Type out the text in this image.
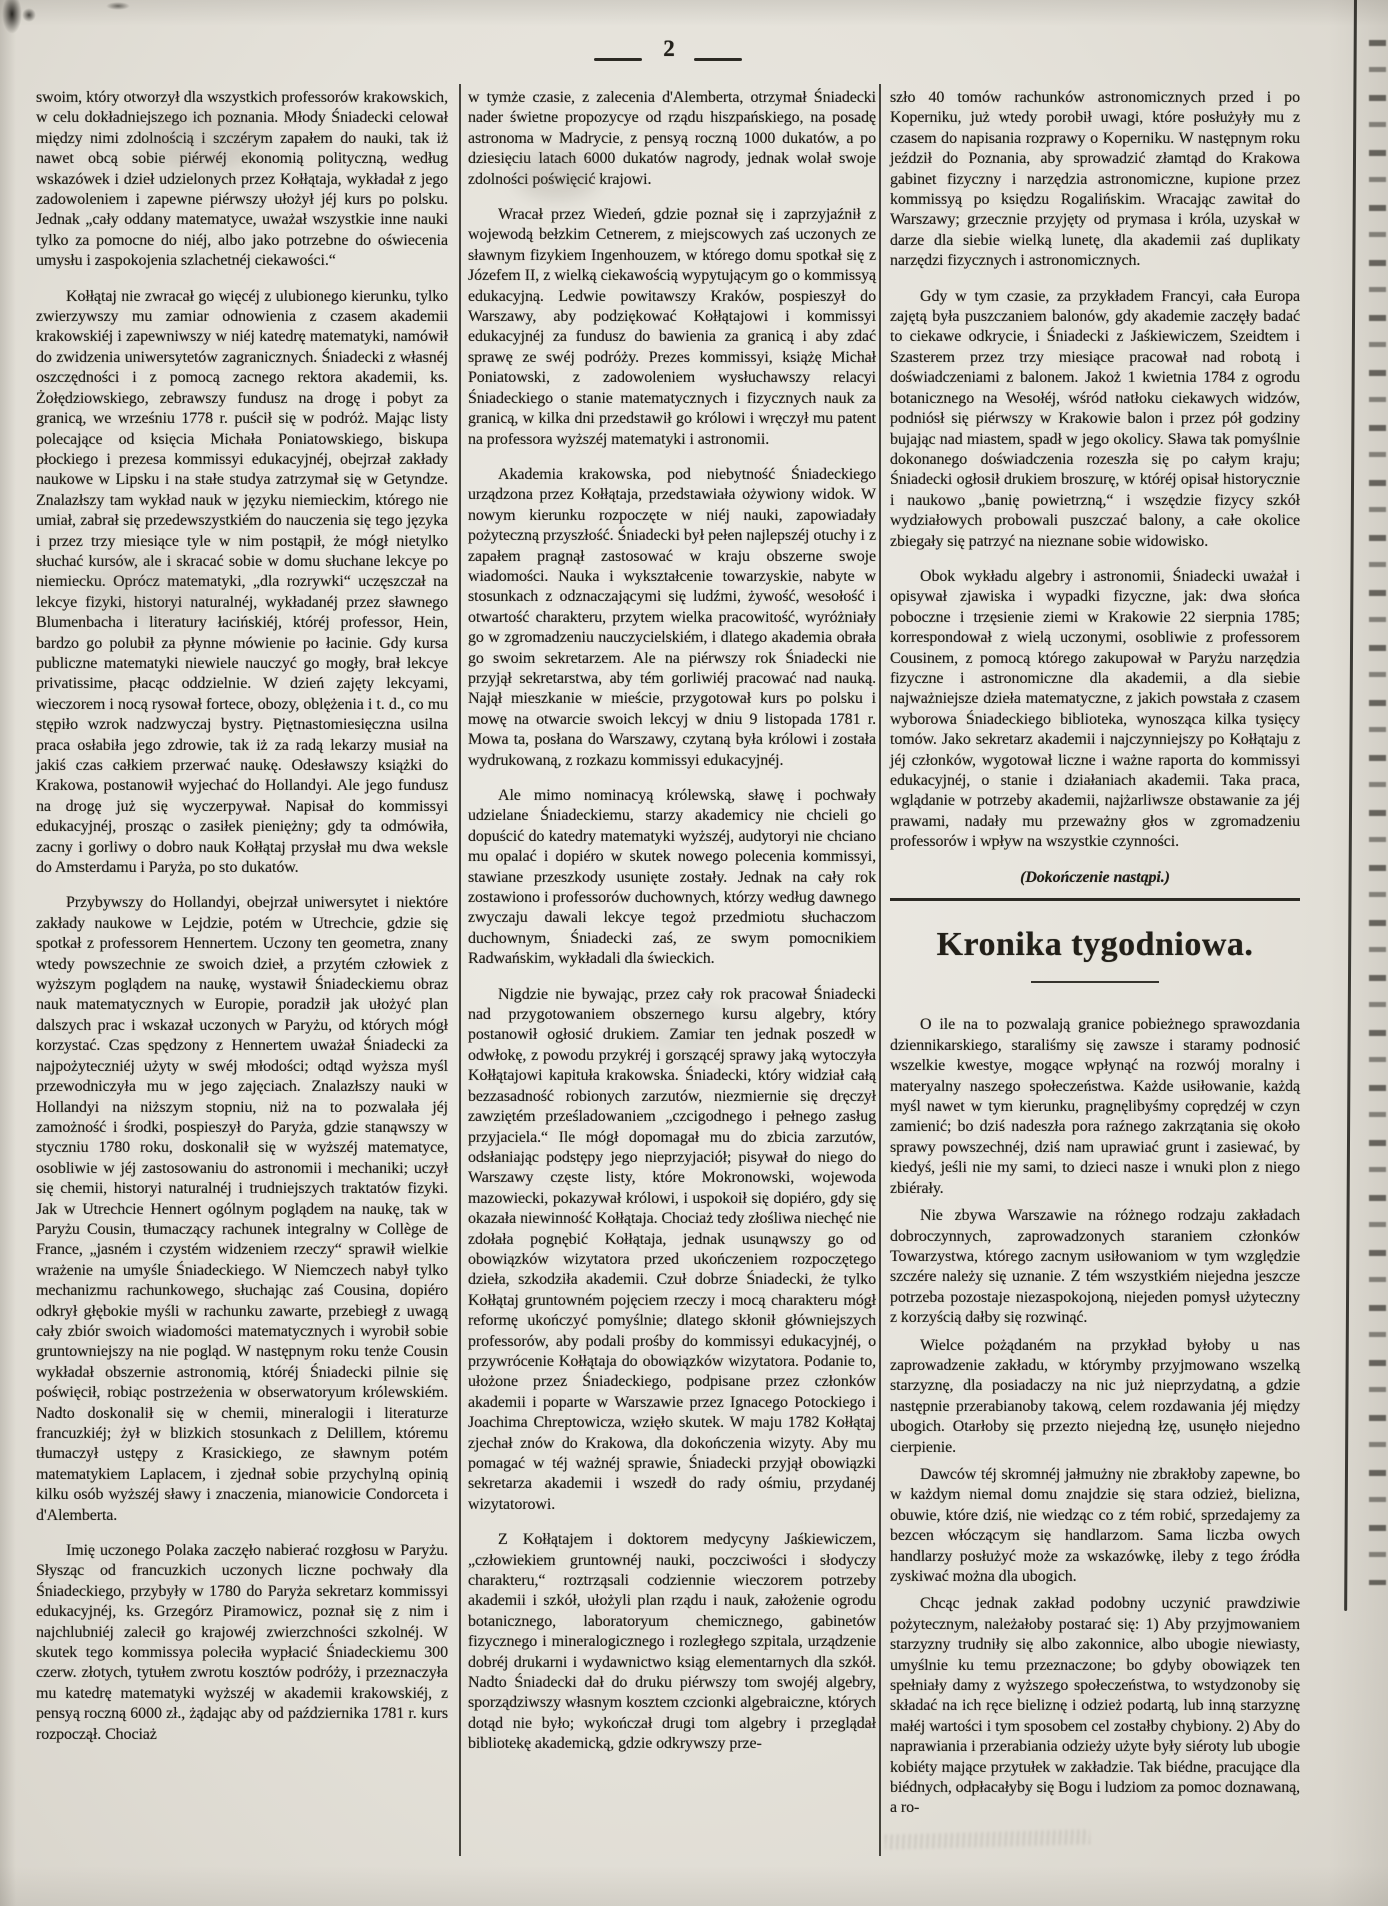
2

swoim, który otworzył dla wszystkich professorów krakowskich, w celu dokładniejszego ich poznania. Młody Śniadecki celował między nimi zdolnością i szczérym zapałem do nauki, tak iż nawet obcą sobie piérwéj ekonomią polityczną, według wskazówek i dzieł udzielonych przez Kołłątaja, wykładał z jego zadowoleniem i zapewne piérwszy ułożył jéj kurs po polsku. Jednak „cały oddany matematyce, uważał wszystkie inne nauki tylko za pomocne do niéj, albo jako potrzebne do oświecenia umysłu i zaspokojenia szlachetnéj ciekawości.“

Kołłątaj nie zwracał go więcéj z ulubionego kierunku, tylko zwierzywszy mu zamiar odnowienia z czasem akademii krakowskiéj i zapewniwszy w niéj katedrę matematyki, namówił do zwidzenia uniwersytetów zagranicznych. Śniadecki z własnéj oszczędności i z pomocą zacnego rektora akademii, ks. Żołędziowskiego, zebrawszy fundusz na drogę i pobyt za granicą, we wrześniu 1778 r. puścił się w podróż. Mając listy polecające od księcia Michała Poniatowskiego, biskupa płockiego i prezesa kommissyi edukacyjnéj, obejrzał zakłady naukowe w Lipsku i na stałe studya zatrzymał się w Getyndze. Znalazłszy tam wykład nauk w języku niemieckim, którego nie umiał, zabrał się przedewszystkiém do nauczenia się tego języka i przez trzy miesiące tyle w nim postąpił, że mógł nietylko słuchać kursów, ale i skracać sobie w domu słuchane lekcye po niemiecku. Oprócz matematyki, „dla rozrywki“ uczęszczał na lekcye fizyki, historyi naturalnéj, wykładanéj przez sławnego Blumenbacha i literatury łacińskiéj, któréj professor, Hein, bardzo go polubił za płynne mówienie po łacinie. Gdy kursa publiczne matematyki niewiele nauczyć go mogły, brał lekcye privatissime, płacąc oddzielnie. W dzień zajęty lekcyami, wieczorem i nocą rysował fortece, obozy, oblężenia i t. d., co mu stępiło wzrok nadzwyczaj bystry. Piętnastomiesięczna usilna praca osłabiła jego zdrowie, tak iż za radą lekarzy musiał na jakiś czas całkiem przerwać naukę. Odesławszy książki do Krakowa, postanowił wyjechać do Hollandyi. Ale jego fundusz na drogę już się wyczerpywał. Napisał do kommissyi edukacyjnéj, prosząc o zasiłek pieniężny; gdy ta odmówiła, zacny i gorliwy o dobro nauk Kołłątaj przysłał mu dwa weksle do Amsterdamu i Paryża, po sto dukatów.

Przybywszy do Hollandyi, obejrzał uniwersytet i niektóre zakłady naukowe w Lejdzie, potém w Utrechcie, gdzie się spotkał z professorem Hennertem. Uczony ten geometra, znany wtedy powszechnie ze swoich dzieł, a przytém człowiek z wyższym poglądem na naukę, wystawił Śniadeckiemu obraz nauk matematycznych w Europie, poradził jak ułożyć plan dalszych prac i wskazał uczonych w Paryżu, od których mógł korzystać. Czas spędzony z Hennertem uważał Śniadecki za najpożyteczniéj użyty w swéj młodości; odtąd wyższa myśl przewodniczyła mu w jego zajęciach. Znalazłszy nauki w Hollandyi na niższym stopniu, niż na to pozwalała jéj zamożność i środki, pospieszył do Paryża, gdzie stanąwszy w styczniu 1780 roku, doskonalił się w wyższéj matematyce, osobliwie w jéj zastosowaniu do astronomii i mechaniki; uczył się chemii, historyi naturalnéj i trudniejszych traktatów fizyki. Jak w Utrechcie Hennert ogólnym poglądem na naukę, tak w Paryżu Cousin, tłumaczący rachunek integralny w Collège de France, „jasném i czystém widzeniem rzeczy“ sprawił wielkie wrażenie na umyśle Śniadeckiego. W Niemczech nabył tylko mechanizmu rachunkowego, słuchając zaś Cousina, dopiéro odkrył głębokie myśli w rachunku zawarte, przebiegł z uwagą cały zbiór swoich wiadomości matematycznych i wyrobił sobie gruntowniejszy na nie pogląd. W następnym roku tenże Cousin wykładał obszernie astronomią, któréj Śniadecki pilnie się poświęcił, robiąc postrzeżenia w obserwatoryum królewskiém. Nadto doskonalił się w chemii, mineralogii i literaturze francuzkiéj; żył w blizkich stosunkach z Delillem, któremu tłumaczył ustępy z Krasickiego, ze sławnym potém matematykiem Laplacem, i zjednał sobie przychylną opinią kilku osób wyższéj sławy i znaczenia, mianowicie Condorceta i d'Alemberta.

Imię uczonego Polaka zaczęło nabierać rozgłosu w Paryżu. Słysząc od francuzkich uczonych liczne pochwały dla Śniadeckiego, przybyły w 1780 do Paryża sekretarz kommissyi edukacyjnéj, ks. Grzegórz Piramowicz, poznał się z nim i najchlubniéj zalecił go krajowéj zwierzchności szkolnéj. W skutek tego kommissya poleciła wypłacić Śniadeckiemu 300 czerw. złotych, tytułem zwrotu kosztów podróży, i przeznaczyła mu katedrę matematyki wyższéj w akademii krakowskiéj, z pensyą roczną 6000 zł., żądając aby od października 1781 r. kurs rozpoczął. Chociaż

w tymże czasie, z zalecenia d'Alemberta, otrzymał Śniadecki nader świetne propozycye od rządu hiszpańskiego, na posadę astronoma w Madrycie, z pensyą roczną 1000 dukatów, a po dziesięciu latach 6000 dukatów nagrody, jednak wolał swoje zdolności poświęcić krajowi.

Wracał przez Wiedeń, gdzie poznał się i zaprzyjaźnił z wojewodą bełzkim Cetnerem, z miejscowych zaś uczonych ze sławnym fizykiem Ingenhouzem, w którego domu spotkał się z Józefem II, z wielką ciekawością wypytującym go o kommissyą edukacyjną. Ledwie powitawszy Kraków, pospieszył do Warszawy, aby podziękować Kołłątajowi i kommissyi edukacyjnéj za fundusz do bawienia za granicą i aby zdać sprawę ze swéj podróży. Prezes kommissyi, książę Michał Poniatowski, z zadowoleniem wysłuchawszy relacyi Śniadeckiego o stanie matematycznych i fizycznych nauk za granicą, w kilka dni przedstawił go królowi i wręczył mu patent na professora wyższéj matematyki i astronomii.

Akademia krakowska, pod niebytność Śniadeckiego urządzona przez Kołłątaja, przedstawiała ożywiony widok. W nowym kierunku rozpoczęte w niéj nauki, zapowiadały pożyteczną przyszłość. Śniadecki był pełen najlepszéj otuchy i z zapałem pragnął zastosować w kraju obszerne swoje wiadomości. Nauka i wykształcenie towarzyskie, nabyte w stosunkach z odznaczającymi się ludźmi, żywość, wesołość i otwartość charakteru, przytem wielka pracowitość, wyróżniały go w zgromadzeniu nauczycielskiém, i dlatego akademia obrała go swoim sekretarzem. Ale na piérwszy rok Śniadecki nie przyjął sekretarstwa, aby tém gorliwiéj pracować nad nauką. Najął mieszkanie w mieście, przygotował kurs po polsku i mowę na otwarcie swoich lekcyj w dniu 9 listopada 1781 r. Mowa ta, posłana do Warszawy, czytaną była królowi i została wydrukowaną, z rozkazu kommissyi edukacyjnéj.

Ale mimo nominacyą królewską, sławę i pochwały udzielane Śniadeckiemu, starzy akademicy nie chcieli go dopuścić do katedry matematyki wyższéj, audytoryi nie chciano mu opalać i dopiéro w skutek nowego polecenia kommissyi, stawiane przeszkody usunięte zostały. Jednak na cały rok zostawiono i professorów duchownych, którzy według dawnego zwyczaju dawali lekcye tegoż przedmiotu słuchaczom duchownym, Śniadecki zaś, ze swym pomocnikiem Radwańskim, wykładali dla świeckich.

Nigdzie nie bywając, przez cały rok pracował Śniadecki nad przygotowaniem obszernego kursu algebry, który postanowił ogłosić drukiem. Zamiar ten jednak poszedł w odwłokę, z powodu przykréj i gorszącéj sprawy jaką wytoczyła Kołłątajowi kapituła krakowska. Śniadecki, który widział całą bezzasadność robionych zarzutów, niezmiernie się dręczył zawziętém prześladowaniem „czcigodnego i pełnego zasług przyjaciela.“ Ile mógł dopomagał mu do zbicia zarzutów, odsłaniając podstępy jego nieprzyjaciół; pisywał do niego do Warszawy częste listy, które Mokronowski, wojewoda mazowiecki, pokazywał królowi, i uspokoił się dopiéro, gdy się okazała niewinność Kołłątaja. Chociaż tedy złośliwa niechęć nie zdołała pognębić Kołłątaja, jednak usunąwszy go od obowiązków wizytatora przed ukończeniem rozpoczętego dzieła, szkodziła akademii. Czuł dobrze Śniadecki, że tylko Kołłątaj gruntowném pojęciem rzeczy i mocą charakteru mógł reformę ukończyć pomyślnie; dlatego skłonił główniejszych professorów, aby podali prośby do kommissyi edukacyjnéj, o przywrócenie Kołłątaja do obowiązków wizytatora. Podanie to, ułożone przez Śniadeckiego, podpisane przez członków akademii i poparte w Warszawie przez Ignacego Potockiego i Joachima Chreptowicza, wzięło skutek. W maju 1782 Kołłątaj zjechał znów do Krakowa, dla dokończenia wizyty. Aby mu pomagać w téj ważnéj sprawie, Śniadecki przyjął obowiązki sekretarza akademii i wszedł do rady ośmiu, przydanéj wizytatorowi.

Z Kołłątajem i doktorem medycyny Jaśkiewiczem, „człowiekiem gruntownéj nauki, poczciwości i słodyczy charakteru,“ roztrząsali codziennie wieczorem potrzeby akademii i szkół, ułożyli plan rządu i nauk, założenie ogrodu botanicznego, laboratoryum chemicznego, gabinetów fizycznego i mineralogicznego i rozległego szpitala, urządzenie dobréj drukarni i wydawnictwo ksiąg elementarnych dla szkół. Nadto Śniadecki dał do druku piérwszy tom swojéj algebry, sporządziwszy własnym kosztem czcionki algebraiczne, których dotąd nie było; wykończał drugi tom algebry i przeglądał bibliotekę akademicką, gdzie odkrywszy prze-

szło 40 tomów rachunków astronomicznych przed i po Koperniku, już wtedy porobił uwagi, które posłużyły mu z czasem do napisania rozprawy o Koperniku. W następnym roku jeździł do Poznania, aby sprowadzić złamtąd do Krakowa gabinet fizyczny i narzędzia astronomiczne, kupione przez kommissyą po księdzu Rogalińskim. Wracając zawitał do Warszawy; grzecznie przyjęty od prymasa i króla, uzyskał w darze dla siebie wielką lunetę, dla akademii zaś duplikaty narzędzi fizycznych i astronomicznych.

Gdy w tym czasie, za przykładem Francyi, cała Europa zajętą była puszczaniem balonów, gdy akademie zaczęły badać to ciekawe odkrycie, i Śniadecki z Jaśkiewiczem, Szeidtem i Szasterem przez trzy miesiące pracował nad robotą i doświadczeniami z balonem. Jakoż 1 kwietnia 1784 z ogrodu botanicznego na Wesołéj, wśród natłoku ciekawych widzów, podniósł się piérwszy w Krakowie balon i przez pół godziny bujając nad miastem, spadł w jego okolicy. Sława tak pomyślnie dokonanego doświadczenia rozeszła się po całym kraju; Śniadecki ogłosił drukiem broszurę, w któréj opisał historycznie i naukowo „banię powietrzną,“ i wszędzie fizycy szkół wydziałowych probowali puszczać balony, a całe okolice zbiegały się patrzyć na nieznane sobie widowisko.

Obok wykładu algebry i astronomii, Śniadecki uważał i opisywał zjawiska i wypadki fizyczne, jak: dwa słońca poboczne i trzęsienie ziemi w Krakowie 22 sierpnia 1785; korrespondował z wielą uczonymi, osobliwie z professorem Cousinem, z pomocą którego zakupował w Paryżu narzędzia fizyczne i astronomiczne dla akademii, a dla siebie najważniejsze dzieła matematyczne, z jakich powstała z czasem wyborowa Śniadeckiego biblioteka, wynosząca kilka tysięcy tomów. Jako sekretarz akademii i najczynniejszy po Kołłątaju z jéj członków, wygotował liczne i ważne raporta do kommissyi edukacyjnéj, o stanie i działaniach akademii. Taka praca, wglądanie w potrzeby akademii, najżarliwsze obstawanie za jéj prawami, nadały mu przeważny głos w zgromadzeniu professorów i wpływ na wszystkie czynności.

(Dokończenie nastąpi.)

Kronika tygodniowa.

O ile na to pozwalają granice pobieżnego sprawozdania dziennikarskiego, staraliśmy się zawsze i staramy podnosić wszelkie kwestye, mogące wpłynąć na rozwój moralny i materyalny naszego społeczeństwa. Każde usiłowanie, każdą myśl nawet w tym kierunku, pragnęlibyśmy coprędzéj w czyn zamienić; bo dziś nadeszła pora raźnego zakrzątania się około sprawy powszechnéj, dziś nam uprawiać grunt i zasiewać, by kiedyś, jeśli nie my sami, to dzieci nasze i wnuki plon z niego zbiérały.

Nie zbywa Warszawie na różnego rodzaju zakładach dobroczynnych, zaprowadzonych staraniem członków Towarzystwa, którego zacnym usiłowaniom w tym względzie szczére należy się uznanie. Z tém wszystkiém niejedna jeszcze potrzeba pozostaje niezaspokojoną, niejeden pomysł użyteczny z korzyścią dałby się rozwinąć.

Wielce pożądaném na przykład byłoby u nas zaprowadzenie zakładu, w którymby przyjmowano wszelką starzyznę, dla posiadaczy na nic już nieprzydatną, a gdzie następnie przerabianoby takową, celem rozdawania jéj między ubogich. Otarłoby się przezto niejedną łzę, usunęło niejedno cierpienie.

Dawców téj skromnéj jałmużny nie zbrakłoby zapewne, bo w każdym niemal domu znajdzie się stara odzież, bielizna, obuwie, które dziś, nie wiedząc co z tém robić, sprzedajemy za bezcen włóczącym się handlarzom. Sama liczba owych handlarzy posłużyć może za wskazówkę, ileby z tego źródła zyskiwać można dla ubogich.

Chcąc jednak zakład podobny uczynić prawdziwie pożytecznym, należałoby postarać się: 1) Aby przyjmowaniem starzyzny trudniły się albo zakonnice, albo ubogie niewiasty, umyślnie ku temu przeznaczone; bo gdyby obowiązek ten spełniały damy z wyższego społeczeństwa, to wstydzonoby się składać na ich ręce bieliznę i odzież podartą, lub inną starzyznę małéj wartości i tym sposobem cel zostałby chybiony. 2) Aby do naprawiania i przerabiania odzieży użyte były siéroty lub ubogie kobiéty mające przytułek w zakładzie. Tak biédne, pracujące dla biédnych, odpłacałyby się Bogu i ludziom za pomoc doznawaną, a ro-
